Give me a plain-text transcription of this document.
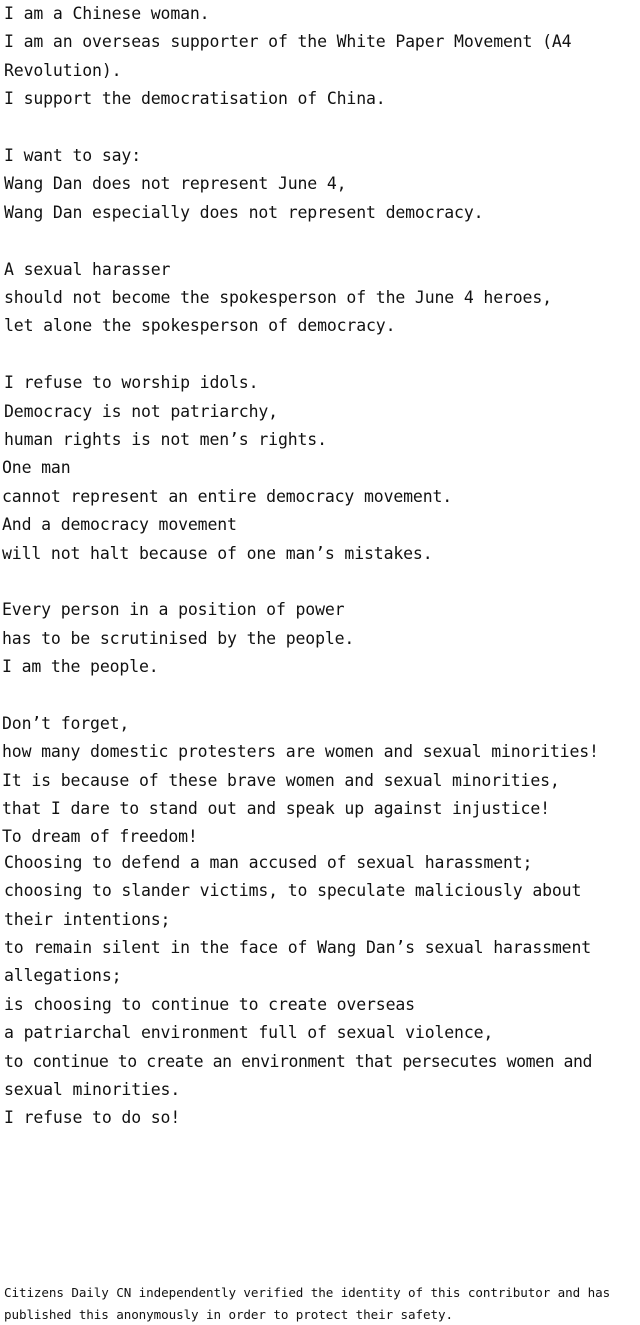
I am a Chinese woman.

I am an overseas supporter of the White Paper Movement (A4

Revolution).

I support the democratisation of China.

I want to say:

Wang Dan does not represent June 4,

Wang Dan especially does not represent democracy.

A sexual harasser

should not become the spokesperson of the June 4 heroes,

let alone the spokesperson of democracy.

I refuse to worship idols.

Democracy is not patriarchy,

human rights is not men’s rights.

One man

cannot represent an entire democracy movement.

And a democracy movement

will not halt because of one man’s mistakes.

Every person in a position of power

has to be scrutinised by the people.

I am the people.

Don’t forget,

how many domestic protesters are women and sexual minorities!

It is because of these brave women and sexual minorities,

that I dare to stand out and speak up against injustice!

To dream of freedom!

Choosing to defend a man accused of sexual harassment;

choosing to slander victims, to speculate maliciously about

their intentions;

to remain silent in the face of Wang Dan’s sexual harassment

allegations;

is choosing to continue to create overseas

a patriarchal environment full of sexual violence,

to continue to create an environment that persecutes women and

sexual minorities.

I refuse to do so!

Citizens Daily CN independently verified the identity of this contributor and has published this anonymously in order to protect their safety.
